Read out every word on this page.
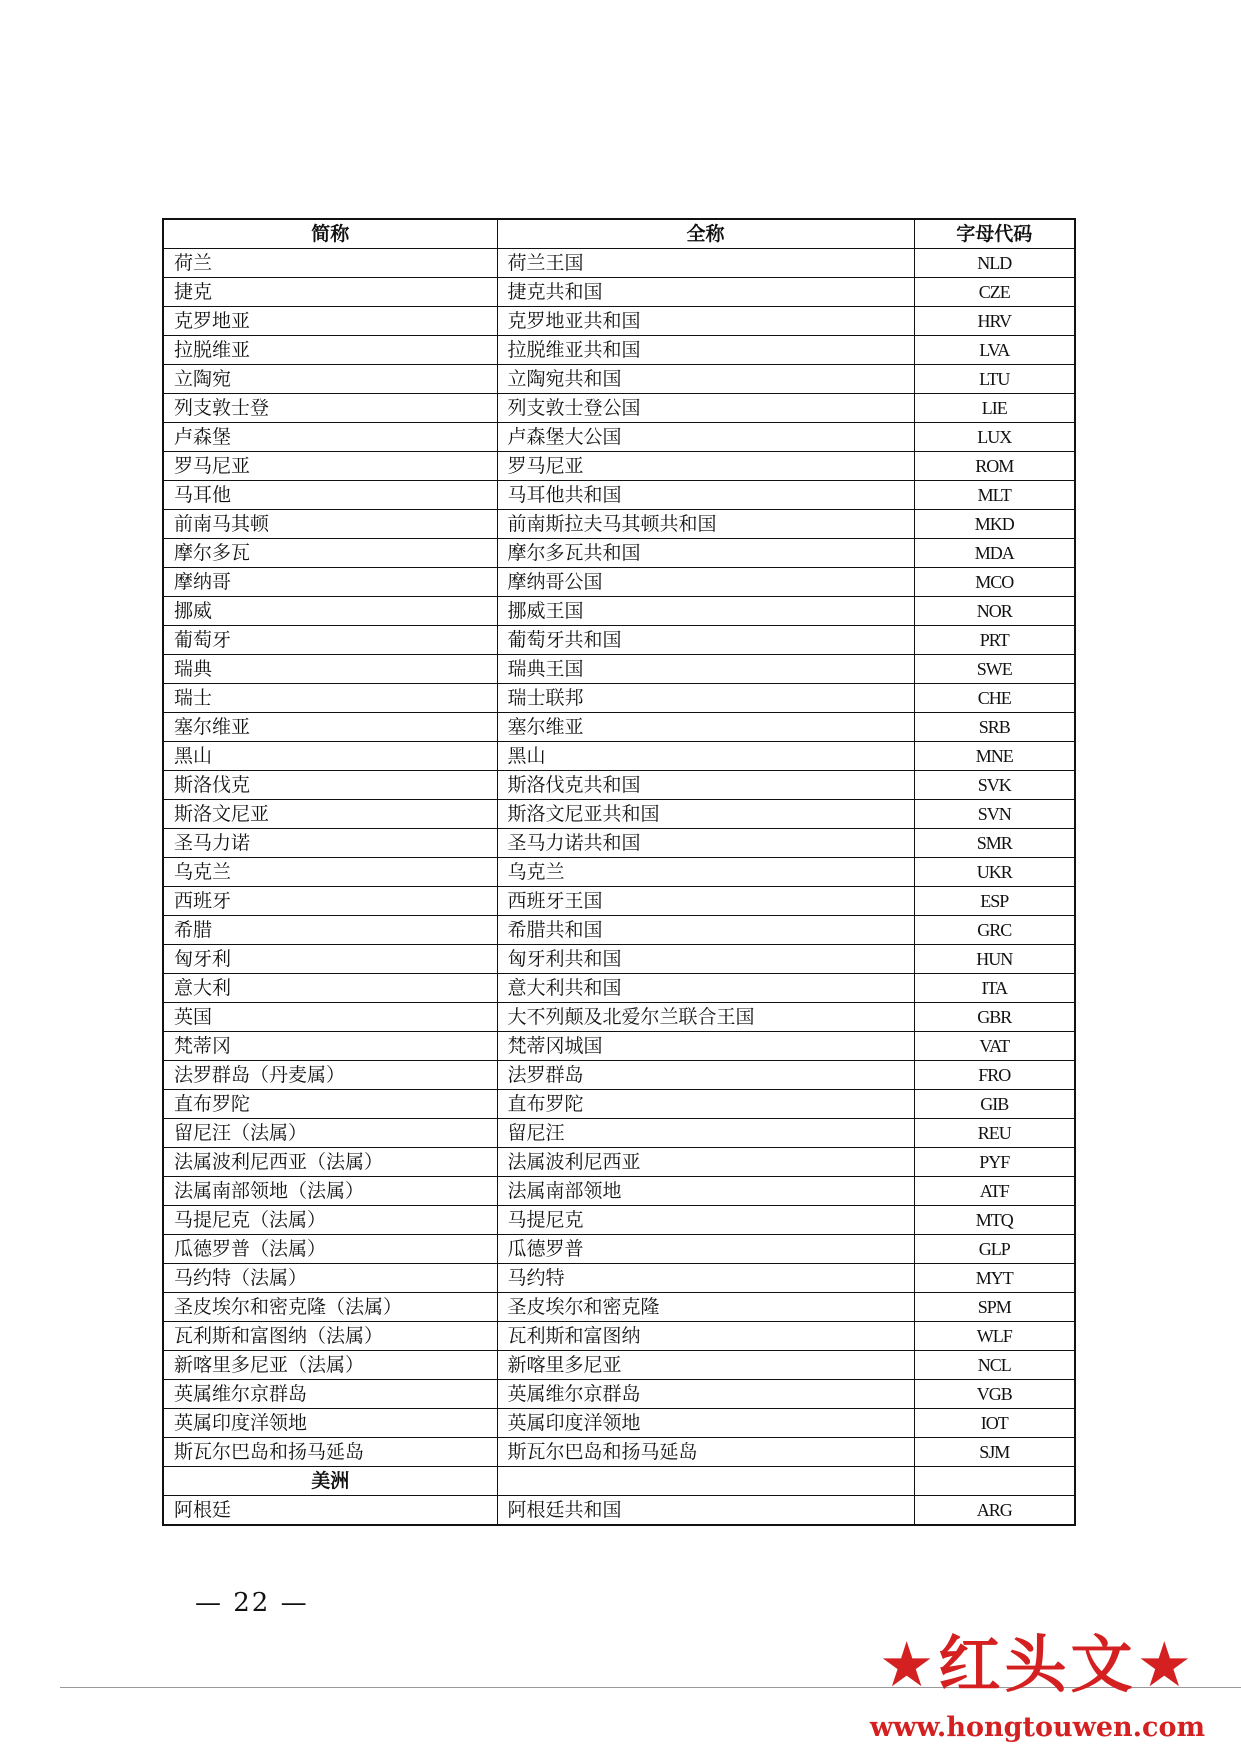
简称	全称	字母代码
荷兰	荷兰王国	NLD
捷克	捷克共和国	CZE
克罗地亚	克罗地亚共和国	HRV
拉脱维亚	拉脱维亚共和国	LVA
立陶宛	立陶宛共和国	LTU
列支敦士登	列支敦士登公国	LIE
卢森堡	卢森堡大公国	LUX
罗马尼亚	罗马尼亚	ROM
马耳他	马耳他共和国	MLT
前南马其顿	前南斯拉夫马其顿共和国	MKD
摩尔多瓦	摩尔多瓦共和国	MDA
摩纳哥	摩纳哥公国	MCO
挪威	挪威王国	NOR
葡萄牙	葡萄牙共和国	PRT
瑞典	瑞典王国	SWE
瑞士	瑞士联邦	CHE
塞尔维亚	塞尔维亚	SRB
黑山	黑山	MNE
斯洛伐克	斯洛伐克共和国	SVK
斯洛文尼亚	斯洛文尼亚共和国	SVN
圣马力诺	圣马力诺共和国	SMR
乌克兰	乌克兰	UKR
西班牙	西班牙王国	ESP
希腊	希腊共和国	GRC
匈牙利	匈牙利共和国	HUN
意大利	意大利共和国	ITA
英国	大不列颠及北爱尔兰联合王国	GBR
梵蒂冈	梵蒂冈城国	VAT
法罗群岛（丹麦属）	法罗群岛	FRO
直布罗陀	直布罗陀	GIB
留尼汪（法属）	留尼汪	REU
法属波利尼西亚（法属）	法属波利尼西亚	PYF
法属南部领地（法属）	法属南部领地	ATF
马提尼克（法属）	马提尼克	MTQ
瓜德罗普（法属）	瓜德罗普	GLP
马约特（法属）	马约特	MYT
圣皮埃尔和密克隆（法属）	圣皮埃尔和密克隆	SPM
瓦利斯和富图纳（法属）	瓦利斯和富图纳	WLF
新喀里多尼亚（法属）	新喀里多尼亚	NCL
英属维尔京群岛	英属维尔京群岛	VGB
英属印度洋领地	英属印度洋领地	IOT
斯瓦尔巴岛和扬马延岛	斯瓦尔巴岛和扬马延岛	SJM
美洲		
阿根廷	阿根廷共和国	ARG
— 22 —
★红头文★
www.hongtouwen.com
